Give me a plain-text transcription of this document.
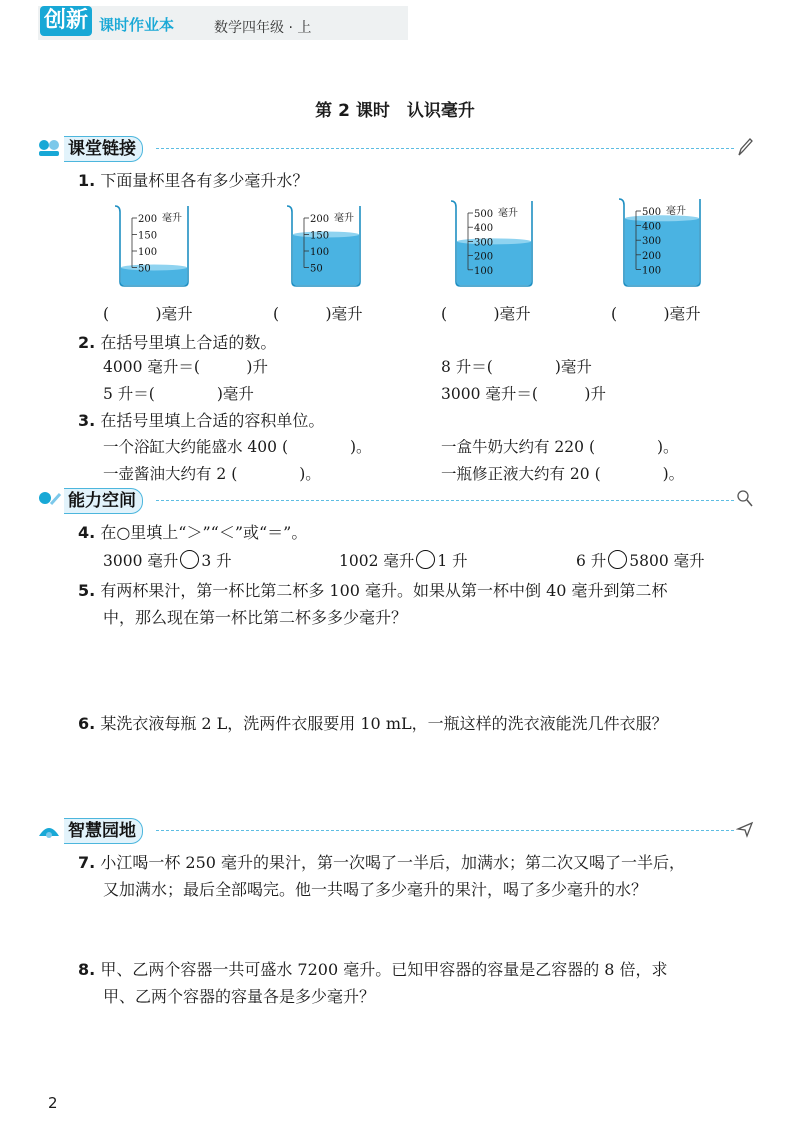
创新 课时作业本	数学四年级 · 上
第 2 课时　认识毫升
课堂链接
1. 下面量杯里各有多少毫升水？
200 毫升
150
100
50
200 毫升
150
100
50
500 毫升
400
300
200
100
500 毫升
400
300
200
100
(　　　)毫升	(　　　)毫升	(　　　)毫升	(　　　)毫升
2. 在括号里填上合适的数。
4000 毫升＝(　　　)升	8 升＝(　　　　)毫升
5 升＝(　　　　)毫升	3000 毫升＝(　　　)升
3. 在括号里填上合适的容积单位。
一个浴缸大约能盛水 400 (　　　　)。	一盒牛奶大约有 220 (　　　　)。
一壶酱油大约有 2 (　　　　)。	一瓶修正液大约有 20 (　　　　)。
能力空间
4. 在○里填上“＞”“＜”或“＝”。
3000 毫升 3 升	1002 毫升 1 升	6 升 5800 毫升
5. 有两杯果汁，第一杯比第二杯多 100 毫升。如果从第一杯中倒 40 毫升到第二杯
中，那么现在第一杯比第二杯多多少毫升？
6. 某洗衣液每瓶 2 L，洗两件衣服要用 10 mL，一瓶这样的洗衣液能洗几件衣服？
智慧园地
7. 小江喝一杯 250 毫升的果汁，第一次喝了一半后，加满水；第二次又喝了一半后，
又加满水；最后全部喝完。他一共喝了多少毫升的果汁，喝了多少毫升的水？
8. 甲、乙两个容器一共可盛水 7200 毫升。已知甲容器的容量是乙容器的 8 倍，求
甲、乙两个容器的容量各是多少毫升？
2
